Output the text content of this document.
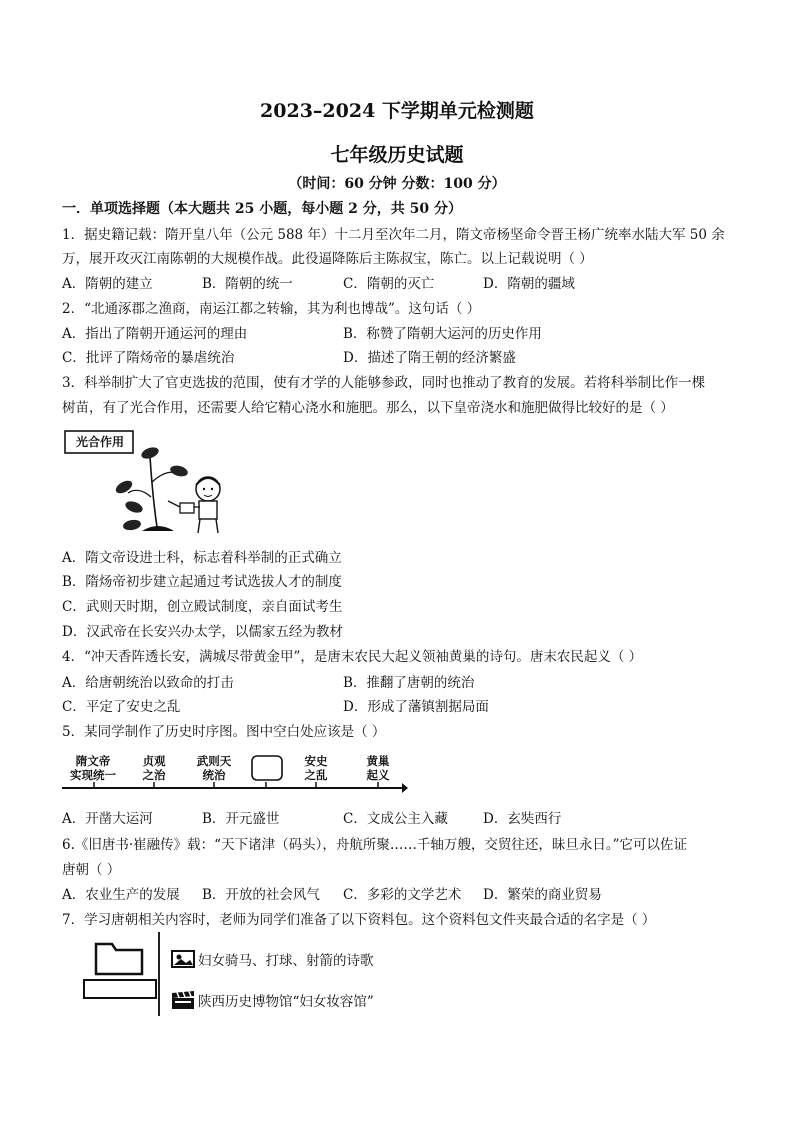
2023–2024 下学期单元检测题
七年级历史试题
（时间：60 分钟 分数：100 分）
一．单项选择题（本大题共 25 小题，每小题 2 分，共 50 分）
1．据史籍记载：隋开皇八年（公元 588 年）十二月至次年二月，隋文帝杨坚命令晋王杨广统率水陆大军 50 余
万，展开攻灭江南陈朝的大规模作战。此役逼降陈后主陈叔宝，陈亡。以上记载说明（ ）
A．隋朝的建立	B．隋朝的统一	C．隋朝的灭亡	D．隋朝的疆域
2．“北通涿郡之渔商，南运江都之转输，其为利也博哉”。这句话（ ）
A．指出了隋朝开通运河的理由	B．称赞了隋朝大运河的历史作用
C．批评了隋炀帝的暴虐统治	D．描述了隋王朝的经济繁盛
3．科举制扩大了官吏选拔的范围，使有才学的人能够参政，同时也推动了教育的发展。若将科举制比作一棵
树苗，有了光合作用，还需要人给它精心浇水和施肥。那么，以下皇帝浇水和施肥做得比较好的是（ ）
光合作用
A．隋文帝设进士科，标志着科举制的正式确立
B．隋炀帝初步建立起通过考试选拔人才的制度
C．武则天时期，创立殿试制度，亲自面试考生
D．汉武帝在长安兴办太学，以儒家五经为教材
4．“冲天香阵透长安，满城尽带黄金甲”，是唐末农民大起义领袖黄巢的诗句。唐末农民起义（ ）
A．给唐朝统治以致命的打击	B．推翻了唐朝的统治
C．平定了安史之乱	D．形成了藩镇割据局面
5．某同学制作了历史时序图。图中空白处应该是（ ）
隋文帝
实现统一
贞观
之治
武则天
统治
安史
之乱
黄巢
起义
A．开凿大运河	B．开元盛世	C．文成公主入藏	D．玄奘西行
6.《旧唐书·崔融传》载：“天下诸津（码头），舟航所聚……千轴万艘，交贸往还，昧旦永日。”它可以佐证
唐朝（ ）
A．农业生产的发展 B．开放的社会风气 C．多彩的文学艺术 D．繁荣的商业贸易
7．学习唐朝相关内容时，老师为同学们准备了以下资料包。这个资料包文件夹最合适的名字是（ ）
妇女骑马、打球、射箭的诗歌
陕西历史博物馆“妇女妆容馆”
